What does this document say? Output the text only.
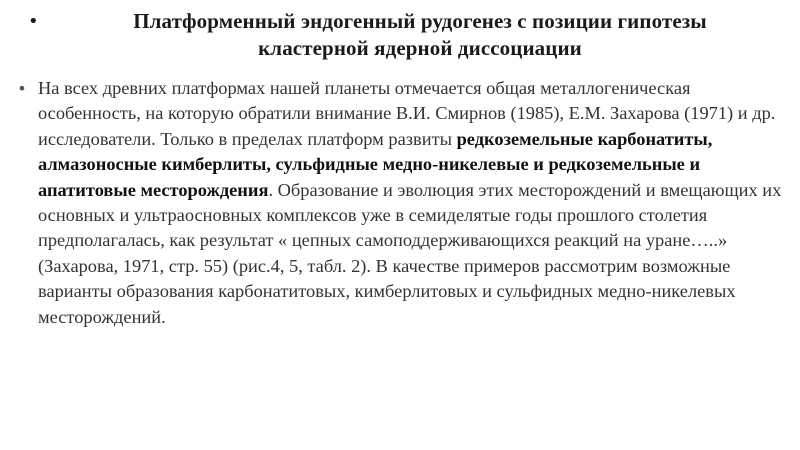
•	Платформенный эндогенный рудогенез с позиции гипотезы
кластерной ядерной диссоциации
• На всех древних платформах нашей планеты отмечается общая металлогеническая особенность, на которую обратили внимание В.И. Смирнов (1985), Е.М. Захарова (1971) и др. исследователи. Только в пределах платформ развиты редкоземельные карбонатиты, алмазоносные кимберлиты, сульфидные медно-никелевые и редкоземельные и апатитовые месторождения. Образование и эволюция этих месторождений и вмещающих их основных и ультраосновных комплексов уже в семиделятые годы прошлого столетия предполагалась, как результат « цепных самоподдерживающихся реакций на уране…..» (Захарова, 1971, стр. 55) (рис.4, 5, табл. 2). В качестве примеров рассмотрим возможные варианты образования карбонатитовых, кимберлитовых и сульфидных медно-никелевых месторождений.
